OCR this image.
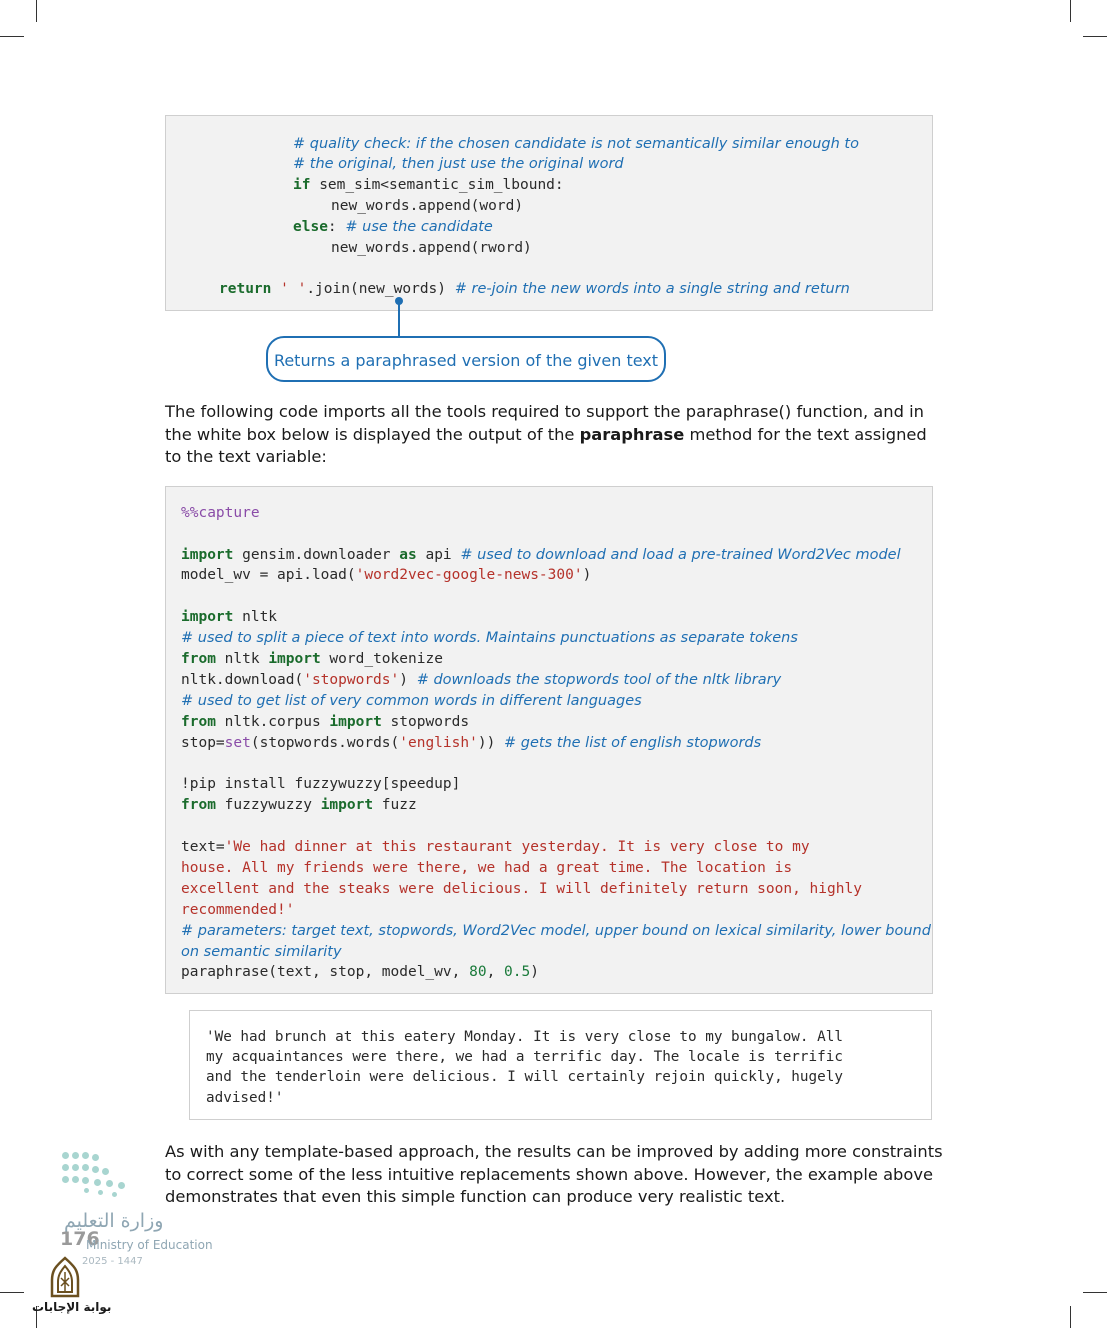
# quality check: if the chosen candidate is not semantically similar enough to
# the original, then just use the original word
if sem_sim<semantic_sim_lbound:
new_words.append(word)
else: # use the candidate
new_words.append(rword)
return ' '.join(new_words) # re-join the new words into a single string and return
Returns a paraphrased version of the given text
The following code imports all the tools required to support the paraphrase() function, and in the white box below is displayed the output of the paraphrase method for the text assigned to the text variable:
%%capture
import gensim.downloader as api # used to download and load a pre-trained Word2Vec model
model_wv = api.load('word2vec-google-news-300')
import nltk
# used to split a piece of text into words. Maintains punctuations as separate tokens
from nltk import word_tokenize
nltk.download('stopwords') # downloads the stopwords tool of the nltk library
# used to get list of very common words in different languages
from nltk.corpus import stopwords
stop=set(stopwords.words('english')) # gets the list of english stopwords
!pip install fuzzywuzzy[speedup]
from fuzzywuzzy import fuzz
text='We had dinner at this restaurant yesterday. It is very close to my
house. All my friends were there, we had a great time. The location is
excellent and the steaks were delicious. I will definitely return soon, highly
recommended!'
# parameters: target text, stopwords, Word2Vec model, upper bound on lexical similarity, lower bound
on semantic similarity
paraphrase(text, stop, model_wv, 80, 0.5)
'We had brunch at this eatery Monday. It is very close to my bungalow. All
my acquaintances were there, we had a terrific day. The locale is terrific
and the tenderloin were delicious. I will certainly rejoin quickly, hugely
advised!'
As with any template-based approach, the results can be improved by adding more constraints to correct some of the less intuitive replacements shown above. However, the example above demonstrates that even this simple function can produce very realistic text.
وزارة التعليم
176
Ministry of Education
2025 - 1447
بوابة الإجابات
